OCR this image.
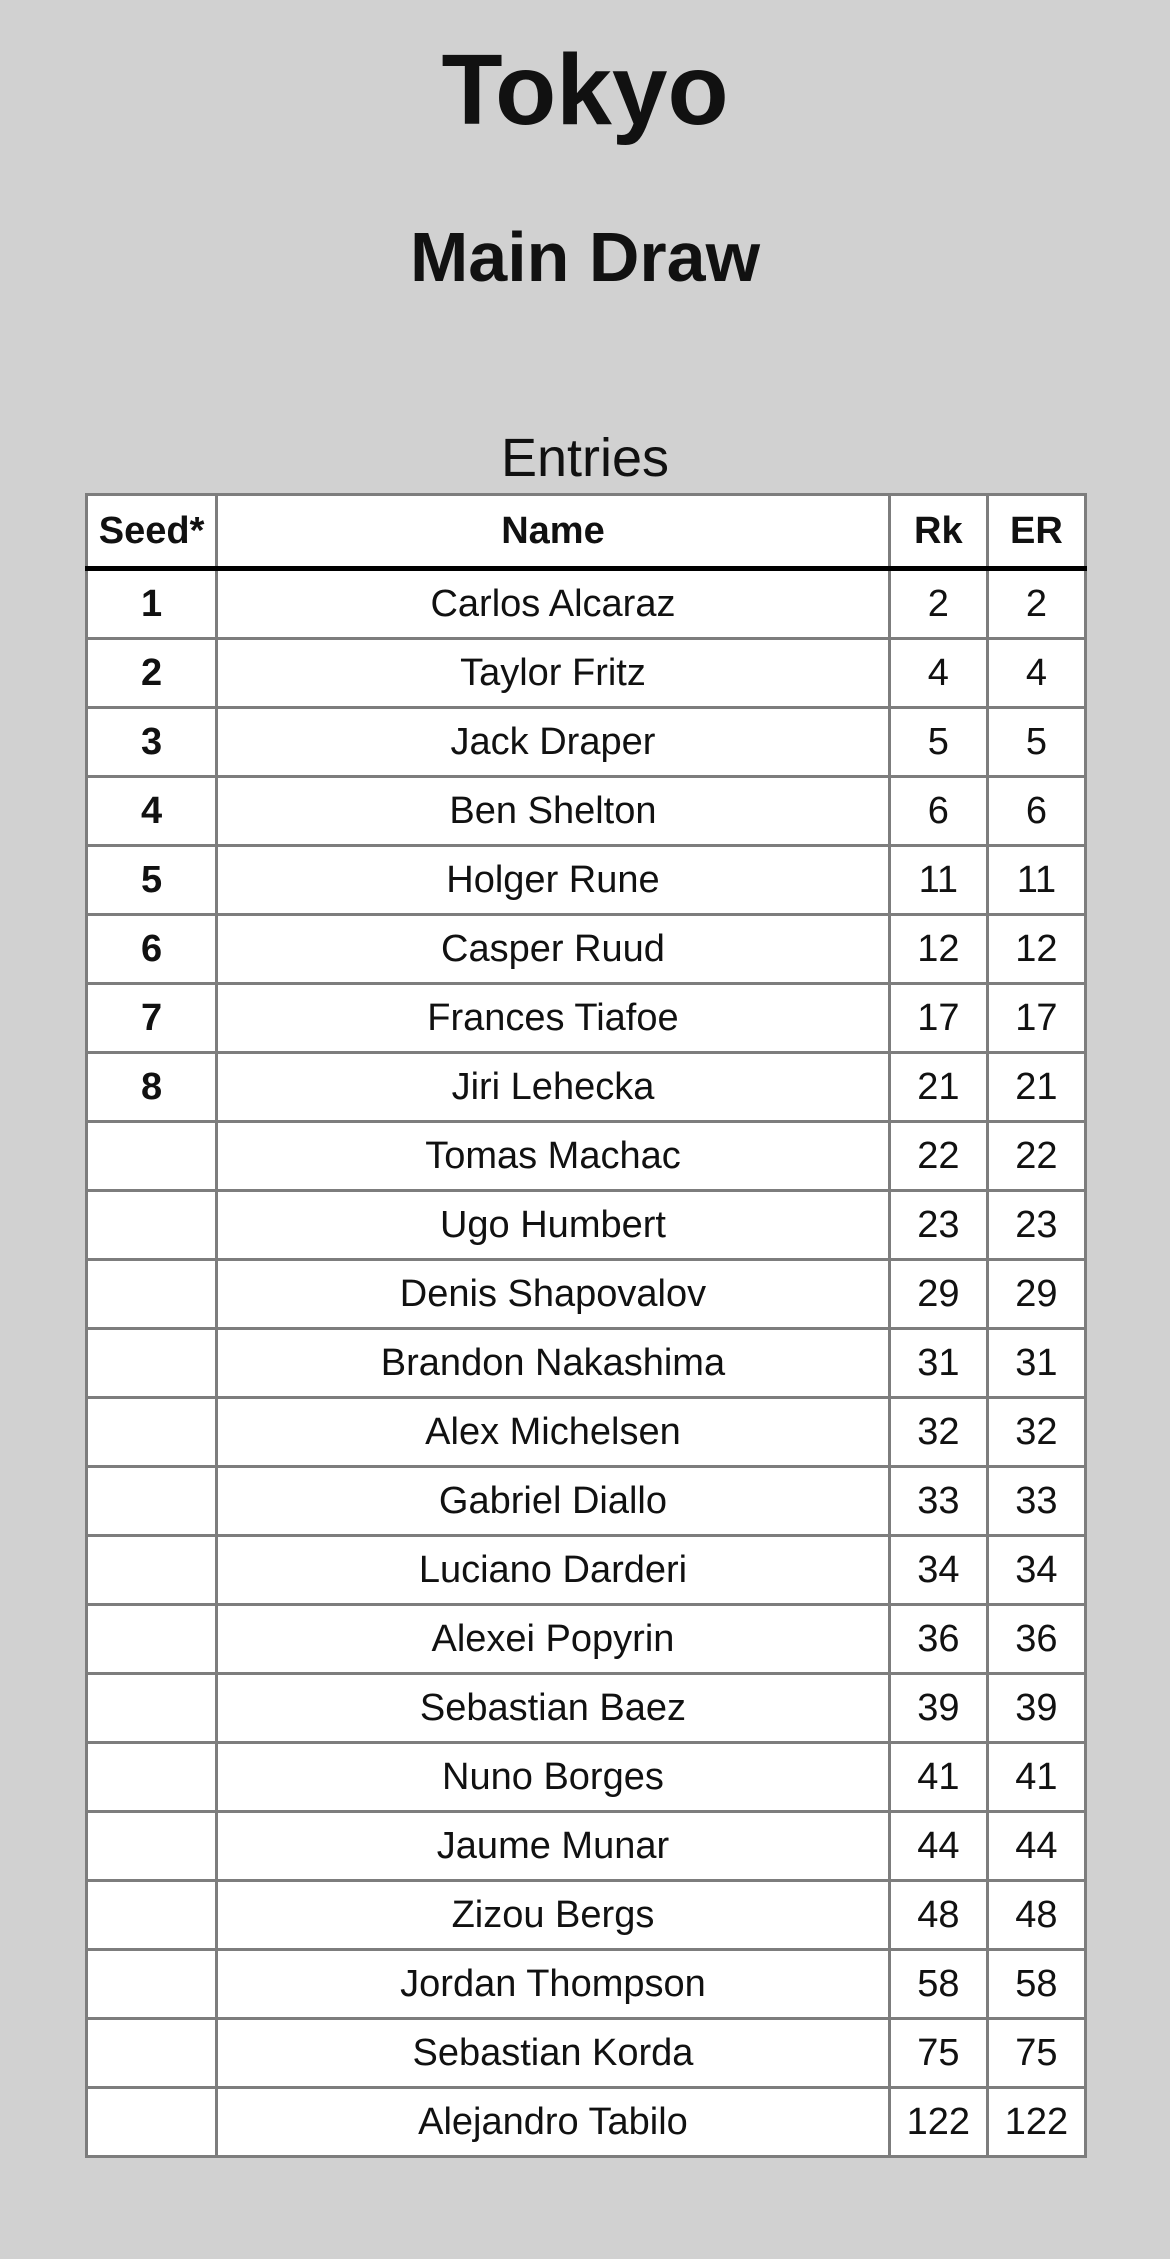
Tokyo
Main Draw
Entries
Seed*	Name	Rk	ER
1	Carlos Alcaraz	2	2
2	Taylor Fritz	4	4
3	Jack Draper	5	5
4	Ben Shelton	6	6
5	Holger Rune	11	11
6	Casper Ruud	12	12
7	Frances Tiafoe	17	17
8	Jiri Lehecka	21	21
	Tomas Machac	22	22
	Ugo Humbert	23	23
	Denis Shapovalov	29	29
	Brandon Nakashima	31	31
	Alex Michelsen	32	32
	Gabriel Diallo	33	33
	Luciano Darderi	34	34
	Alexei Popyrin	36	36
	Sebastian Baez	39	39
	Nuno Borges	41	41
	Jaume Munar	44	44
	Zizou Bergs	48	48
	Jordan Thompson	58	58
	Sebastian Korda	75	75
	Alejandro Tabilo	122	122
